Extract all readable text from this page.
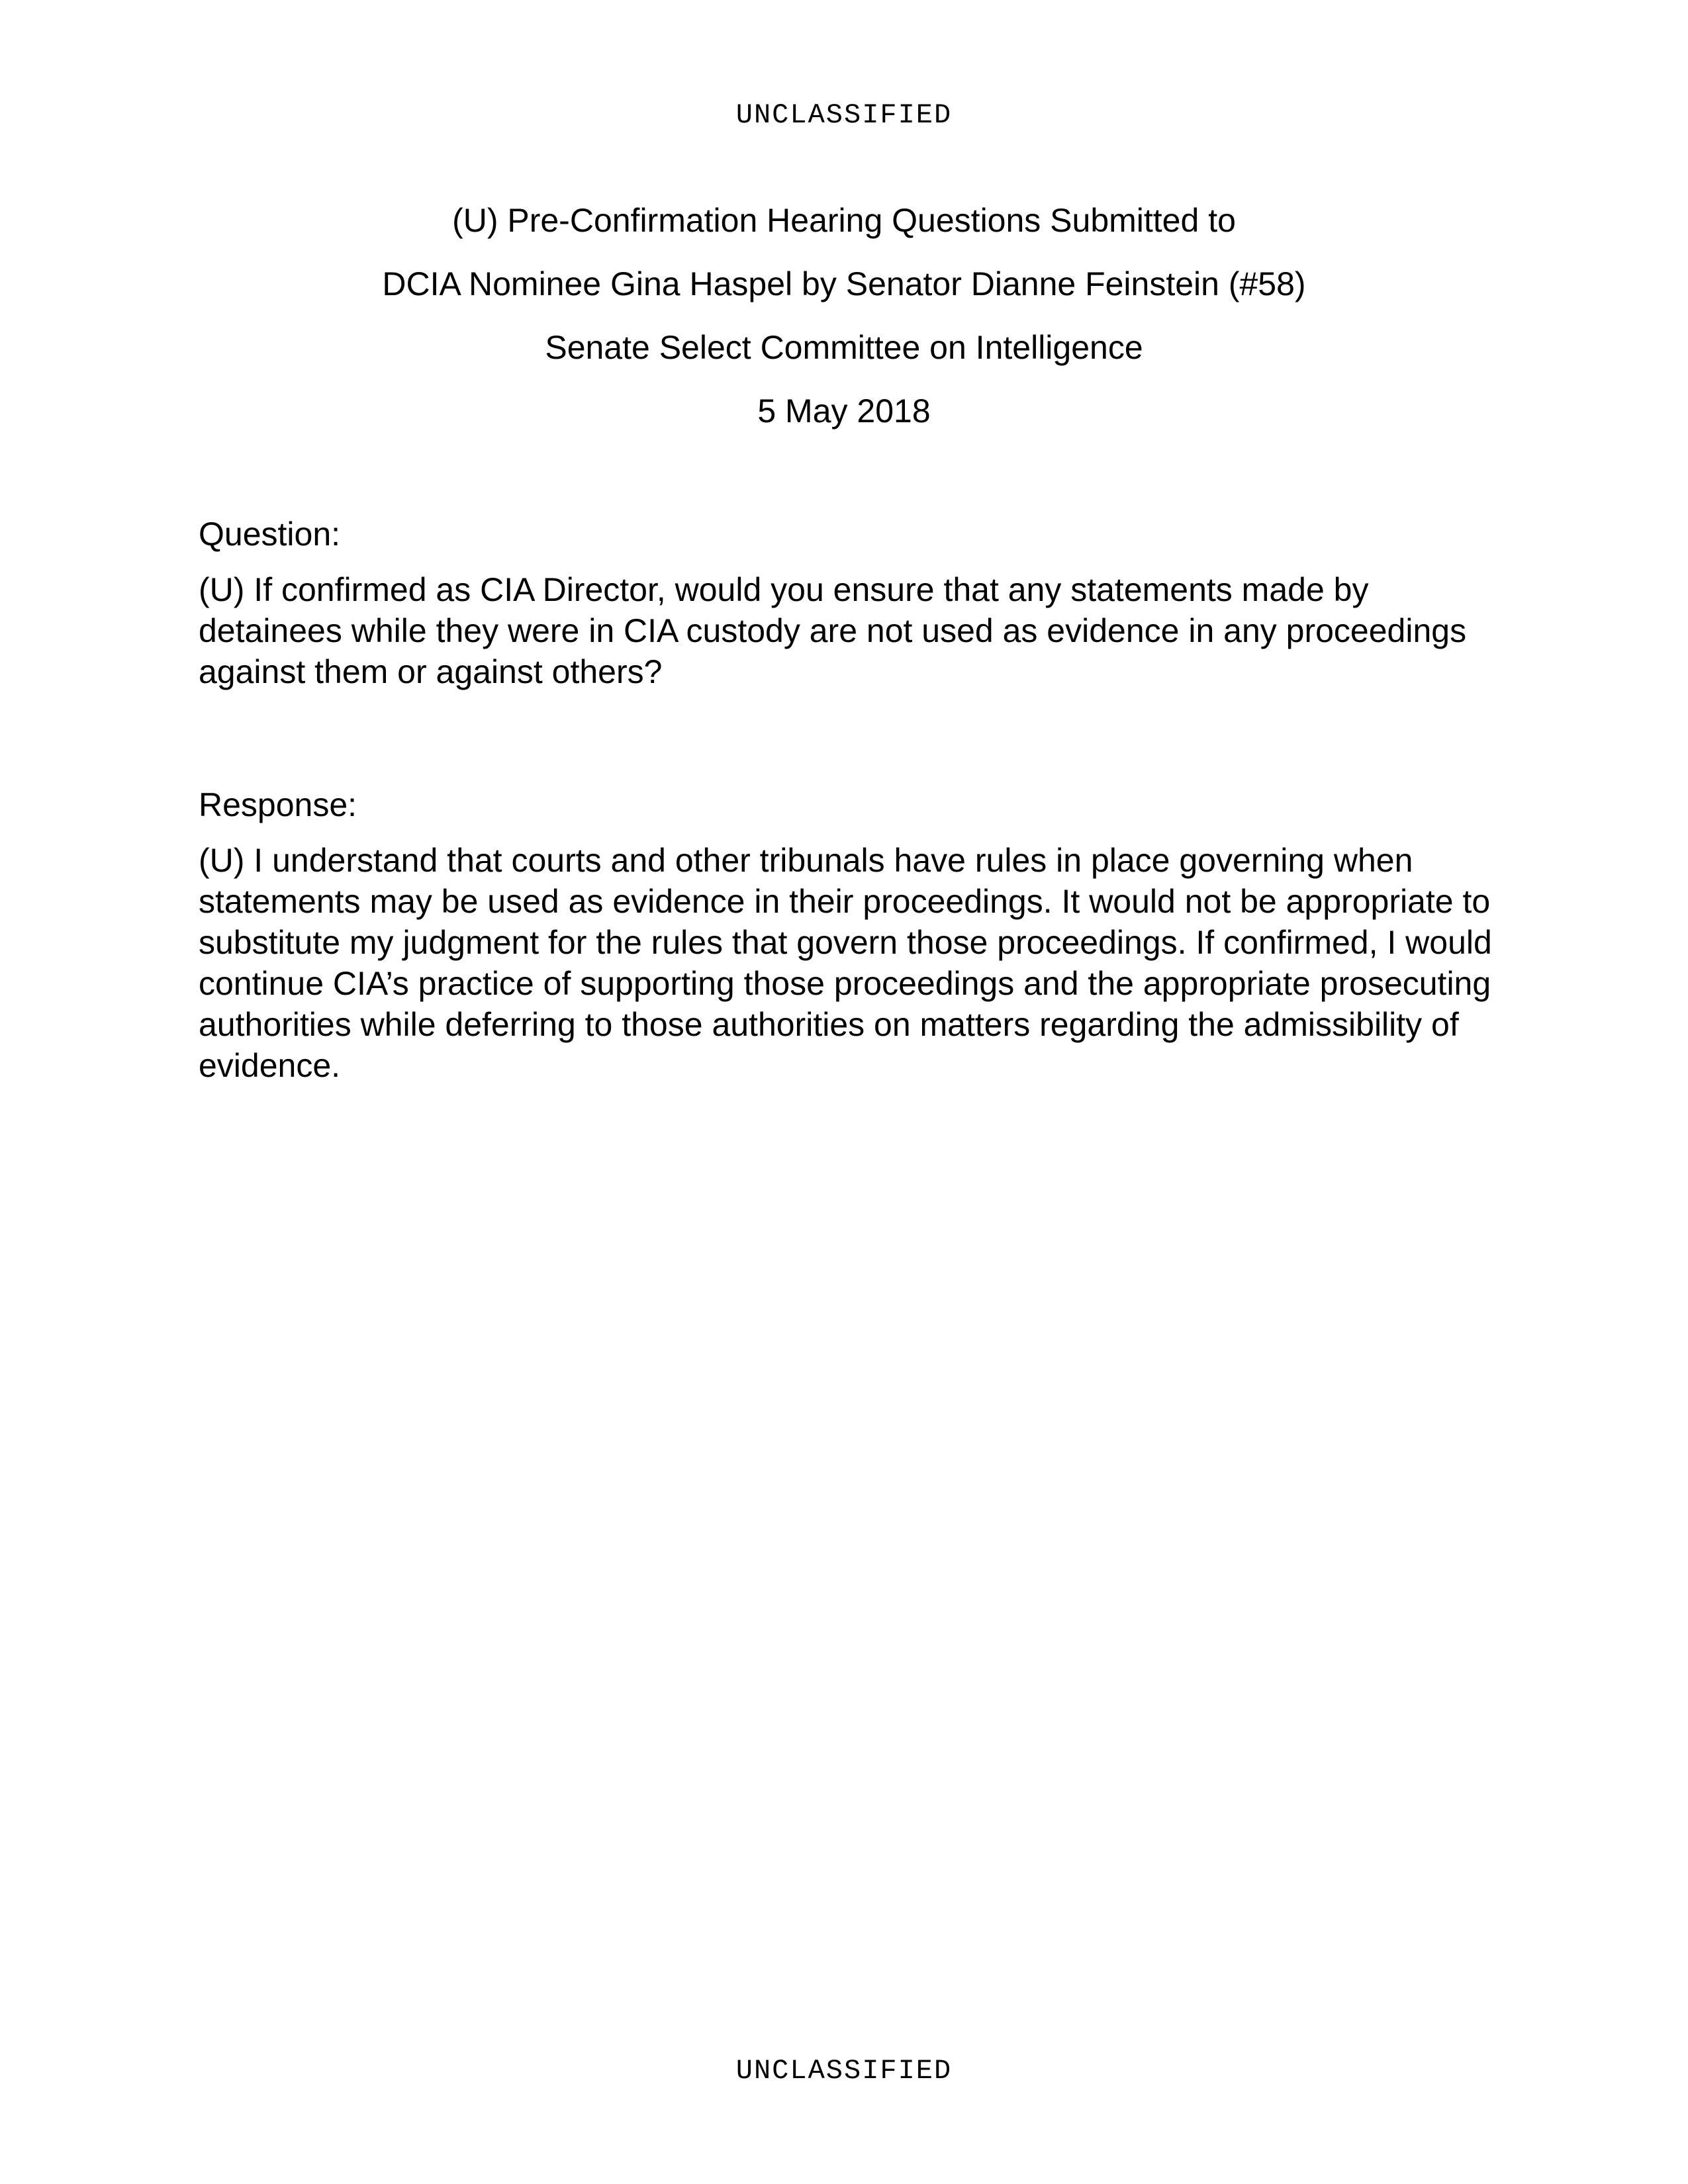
UNCLASSIFIED
(U) Pre-Confirmation Hearing Questions Submitted to
DCIA Nominee Gina Haspel by Senator Dianne Feinstein (#58)
Senate Select Committee on Intelligence
5 May 2018

Question:

(U) If confirmed as CIA Director, would you ensure that any statements made by detainees while they were in CIA custody are not used as evidence in any proceedings against them or against others?

Response:

(U) I understand that courts and other tribunals have rules in place governing when statements may be used as evidence in their proceedings. It would not be appropriate to substitute my judgment for the rules that govern those proceedings. If confirmed, I would continue CIA’s practice of supporting those proceedings and the appropriate prosecuting authorities while deferring to those authorities on matters regarding the admissibility of evidence.

UNCLASSIFIED
